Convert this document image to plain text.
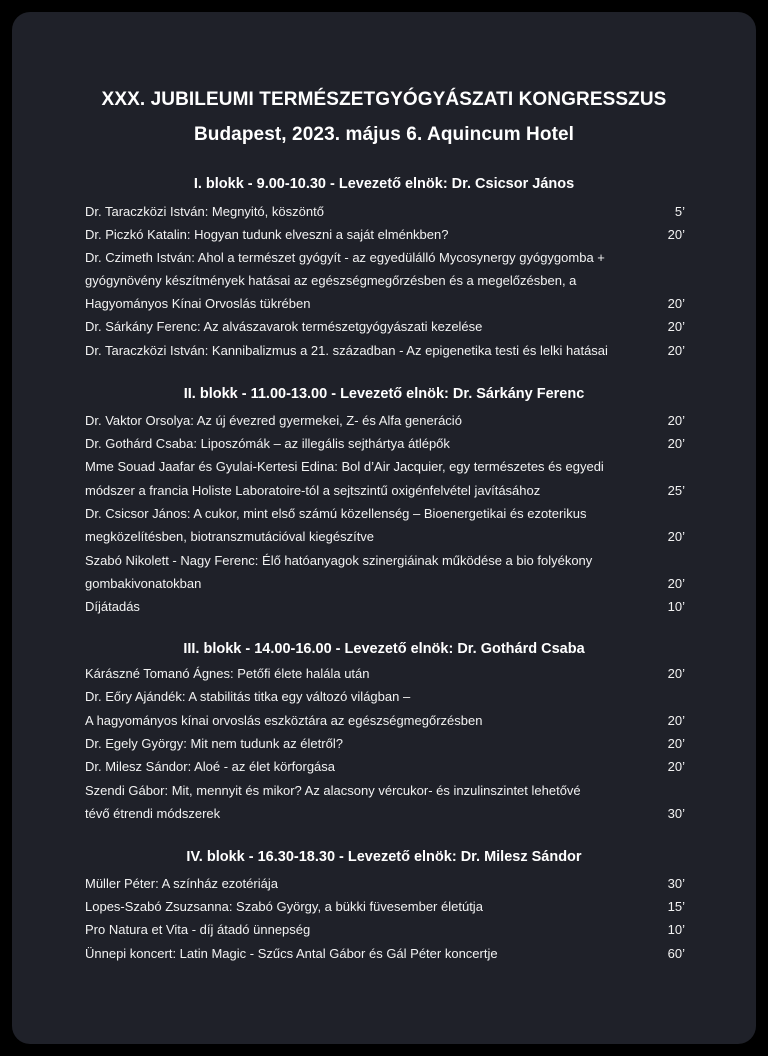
XXX. JUBILEUMI TERMÉSZETGYÓGYÁSZATI KONGRESSZUS
Budapest, 2023. május 6. Aquincum Hotel
I. blokk - 9.00-10.30 - Levezető elnök: Dr. Csicsor János
Dr. Taraczközi István: Megnyitó, köszöntő	5’
Dr. Piczkó Katalin: Hogyan tudunk elveszni a saját elménkben?	20’
Dr. Czimeth István: Ahol a természet gyógyít - az egyedülálló Mycosynergy gyógygomba +
gyógynövény készítmények hatásai az egészségmegőrzésben és a megelőzésben, a
Hagyományos Kínai Orvoslás tükrében	20’
Dr. Sárkány Ferenc: Az alvászavarok természetgyógyászati kezelése	20’
Dr. Taraczközi István: Kannibalizmus a 21. században - Az epigenetika testi és lelki hatásai	20’
II. blokk - 11.00-13.00 - Levezető elnök: Dr. Sárkány Ferenc
Dr. Vaktor Orsolya: Az új évezred gyermekei, Z- és Alfa generáció	20’
Dr. Gothárd Csaba: Liposzómák – az illegális sejthártya átlépők	20’
Mme Souad Jaafar és Gyulai-Kertesi Edina: Bol d’Air Jacquier, egy természetes és egyedi
módszer a francia Holiste Laboratoire-tól a sejtszintű oxigénfelvétel javításához	25’
Dr. Csicsor János: A cukor, mint első számú közellenség – Bioenergetikai és ezoterikus
megközelítésben, biotranszmutációval kiegészítve	20’
Szabó Nikolett - Nagy Ferenc: Élő hatóanyagok szinergiáinak működése a bio folyékony
gombakivonatokban	20’
Díjátadás	10’
III. blokk - 14.00-16.00 - Levezető elnök: Dr. Gothárd Csaba
Kárászné Tomanó Ágnes: Petőfi élete halála után	20’
Dr. Eőry Ajándék: A stabilitás titka egy változó világban –
A hagyományos kínai orvoslás eszköztára az egészségmegőrzésben	20’
Dr. Egely György: Mit nem tudunk az életről?	20’
Dr. Milesz Sándor: Aloé - az élet körforgása	20’
Szendi Gábor: Mit, mennyit és mikor? Az alacsony vércukor- és inzulinszintet lehetővé
tévő étrendi módszerek	30’
IV. blokk - 16.30-18.30 - Levezető elnök: Dr. Milesz Sándor
Müller Péter: A színház ezotériája	30’
Lopes-Szabó Zsuzsanna: Szabó György, a bükki füvesember életútja	15’
Pro Natura et Vita - díj átadó ünnepség	10’
Ünnepi koncert: Latin Magic - Szűcs Antal Gábor és Gál Péter koncertje	60’
